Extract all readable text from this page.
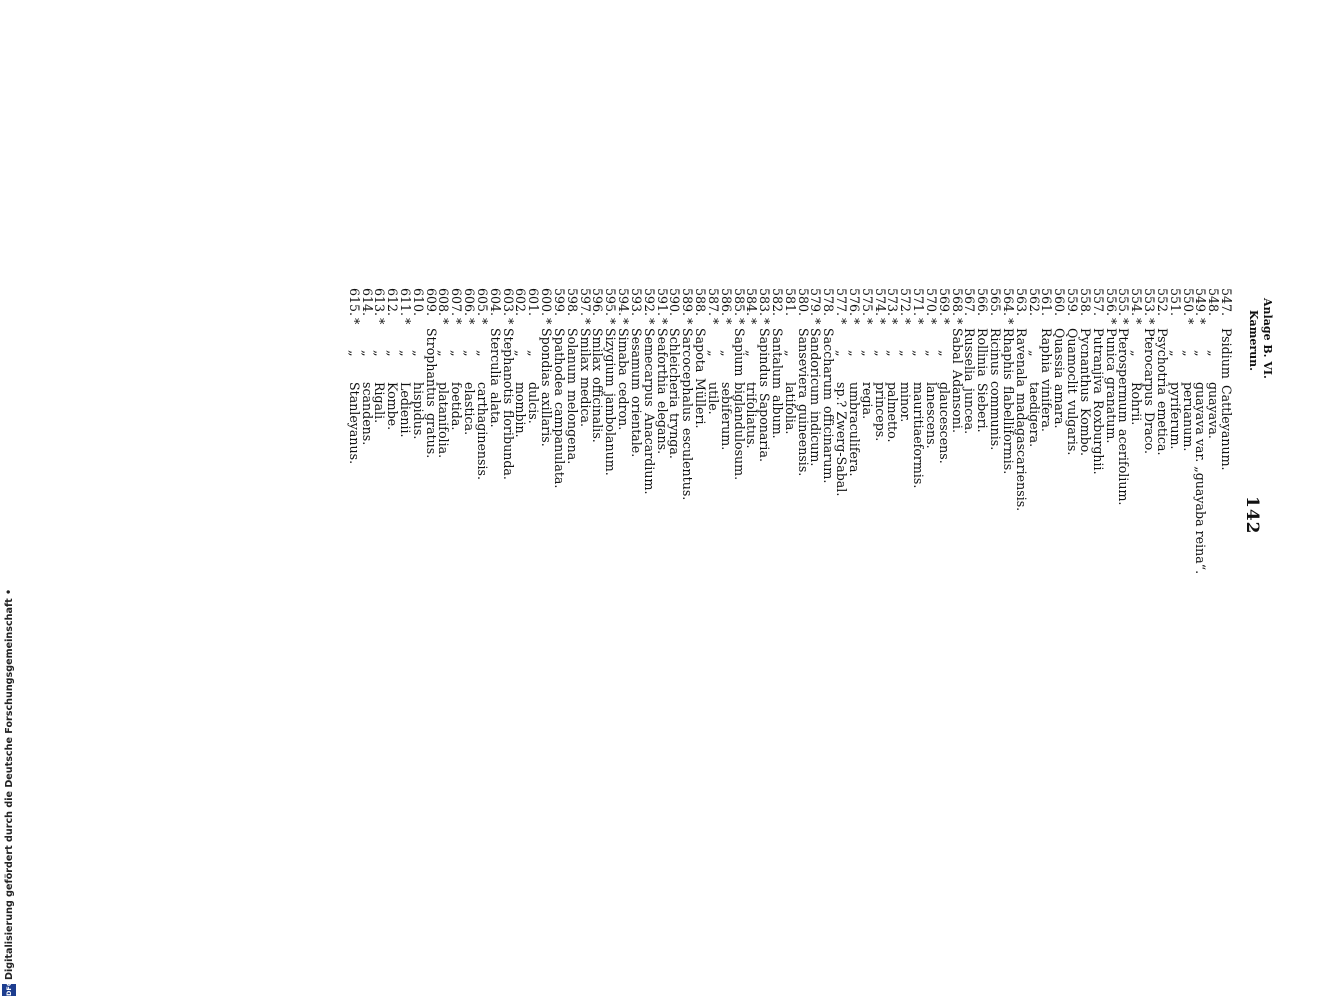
Anlage B. VI.
Kamerun.
142
547.
Psidium
Cattleyanum.
548.
„
guayava.
549.
*
„
guayava var. „guayaba reina“.
550.
*
„
peruanum.
551.
„
pyriferum.
552.
Psychotria
emetica.
553.
*
Pterocarpus
Draco.
554.
*
„
Rohrii.
555.
*
Pterospermum
acerifolium.
556.
*
Punica
granatum.
557.
Putranjiva
Roxburghii.
558.
Pycnanthus
Kombo.
559.
Quamoclit
vulgaris.
560.
Quassia
amara.
561.
Raphia
vinifera.
562.
„
taedigera.
563.
Ravenala
madagascariensis.
564.
*
Rhaphis
flabelliformis.
565.
Ricinus
communis.
566.
Rollinia
Sieberi.
567.
Russelia
juncea.
568.
*
Sabal
Adansoni.
569.
*
„
glaucescens.
570.
*
„
lanescens.
571.
*
„
mauritiaeformis.
572.
*
„
minor.
573.
*
„
palmetto.
574.
*
„
princeps.
575.
*
„
regia.
576.
*
„
umbraculifera.
577.
*
„
sp.? Zwerg-Sabal.
578.
Saccharum
officinarum.
579.
*
Sandoricum
indicum.
580.
Sanseviera
guineensis.
581.
„
latifolia.
582.
Santalum
album.
583.
*
Sapindus
Saponaria.
584.
*
„
trifoliatus.
585.
*
Sapium
biglandulosum.
586.
*
„
sebiferum.
587.
*
„
utile.
588.
Sapota
Mülleri.
589.
*
Sarcocephalus
esculentus.
590.
Schleicheria
trynga.
591.
*
Seaforthia
elegans.
592.
*
Semecarpus
Anacardium.
593.
Sesamum
orientale.
594.
*
Simaba
cedron.
595.
*
Sizygium
jambolanum.
596.
Smilax
officinalis.
597.
*
Smilax
medica.
598.
Solanum
melongena.
599.
Spathodea
campanulata.
600.
*
Spondias
axillaris.
601.
„
dulcis.
602.
„
mombin.
603.
*
Stephanotis
floribunda.
604.
Sterculia
alata.
605.
*
„
carthaginensis.
606.
*
„
elastica.
607.
*
„
foetida.
608.
*
„
platanifolia.
609.
Strophantus
gratus.
610.
„
hispidus.
611.
*
„
Ledienii.
612.
„
Kombe.
613.
*
„
Rigali.
614.
„
scandens.
615.
*
„
Stanleyanus.
DFGDigitalisierung gefördert durch die Deutsche Forschungsgemeinschaft •
